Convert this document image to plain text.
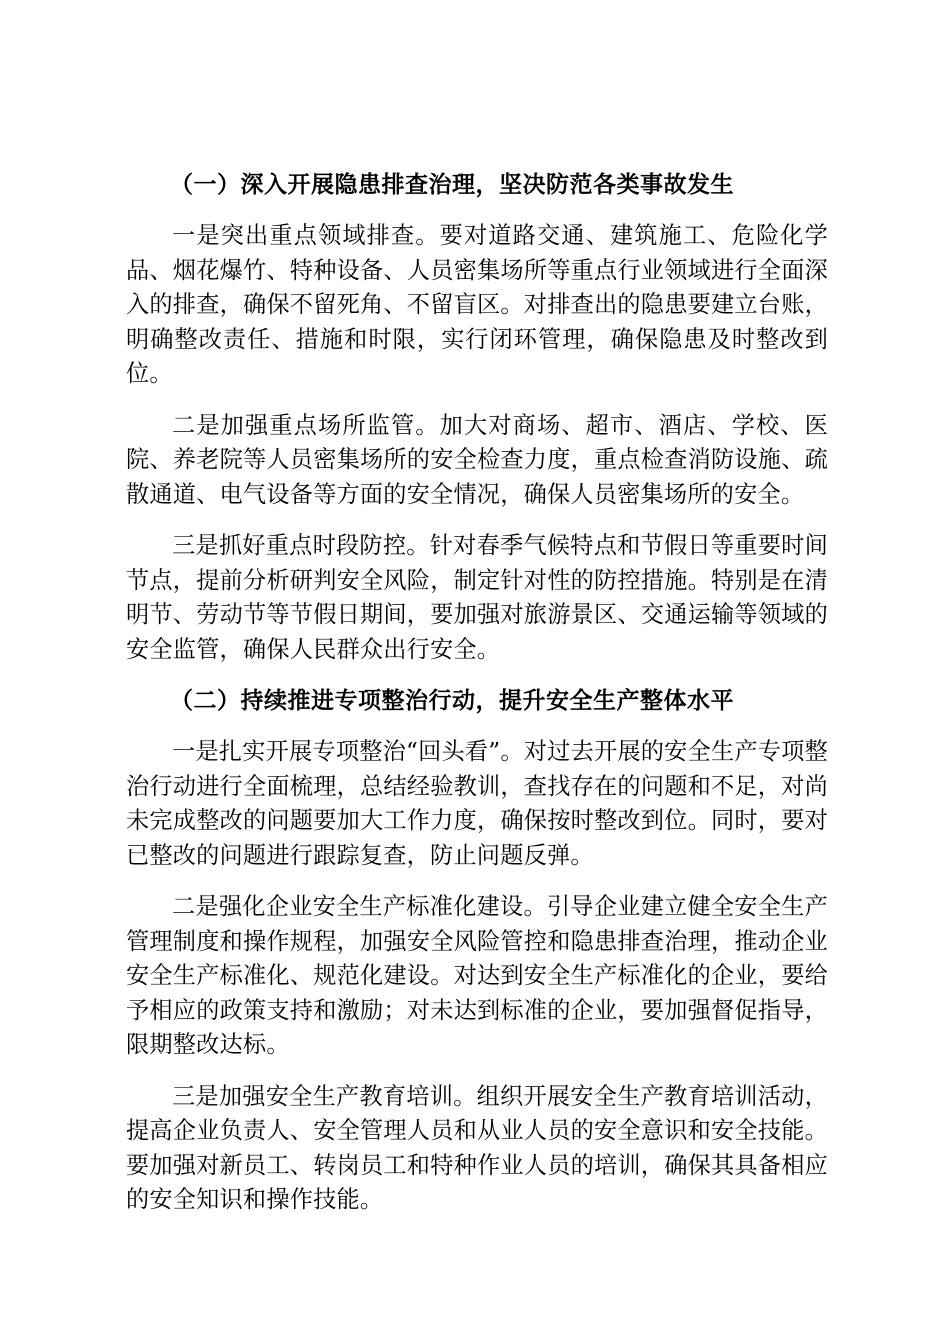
（一）深入开展隐患排查治理，坚决防范各类事故发生

一是突出重点领域排查。要对道路交通、建筑施工、危险化学品、烟花爆竹、特种设备、人员密集场所等重点行业领域进行全面深入的排查，确保不留死角、不留盲区。对排查出的隐患要建立台账，明确整改责任、措施和时限，实行闭环管理，确保隐患及时整改到位。

二是加强重点场所监管。加大对商场、超市、酒店、学校、医院、养老院等人员密集场所的安全检查力度，重点检查消防设施、疏散通道、电气设备等方面的安全情况，确保人员密集场所的安全。

三是抓好重点时段防控。针对春季气候特点和节假日等重要时间节点，提前分析研判安全风险，制定针对性的防控措施。特别是在清明节、劳动节等节假日期间，要加强对旅游景区、交通运输等领域的安全监管，确保人民群众出行安全。

（二）持续推进专项整治行动，提升安全生产整体水平

一是扎实开展专项整治“回头看”。对过去开展的安全生产专项整治行动进行全面梳理，总结经验教训，查找存在的问题和不足，对尚未完成整改的问题要加大工作力度，确保按时整改到位。同时，要对已整改的问题进行跟踪复查，防止问题反弹。

二是强化企业安全生产标准化建设。引导企业建立健全安全生产管理制度和操作规程，加强安全风险管控和隐患排查治理，推动企业安全生产标准化、规范化建设。对达到安全生产标准化的企业，要给予相应的政策支持和激励；对未达到标准的企业，要加强督促指导，限期整改达标。

三是加强安全生产教育培训。组织开展安全生产教育培训活动，提高企业负责人、安全管理人员和从业人员的安全意识和安全技能。要加强对新员工、转岗员工和特种作业人员的培训，确保其具备相应的安全知识和操作技能。
